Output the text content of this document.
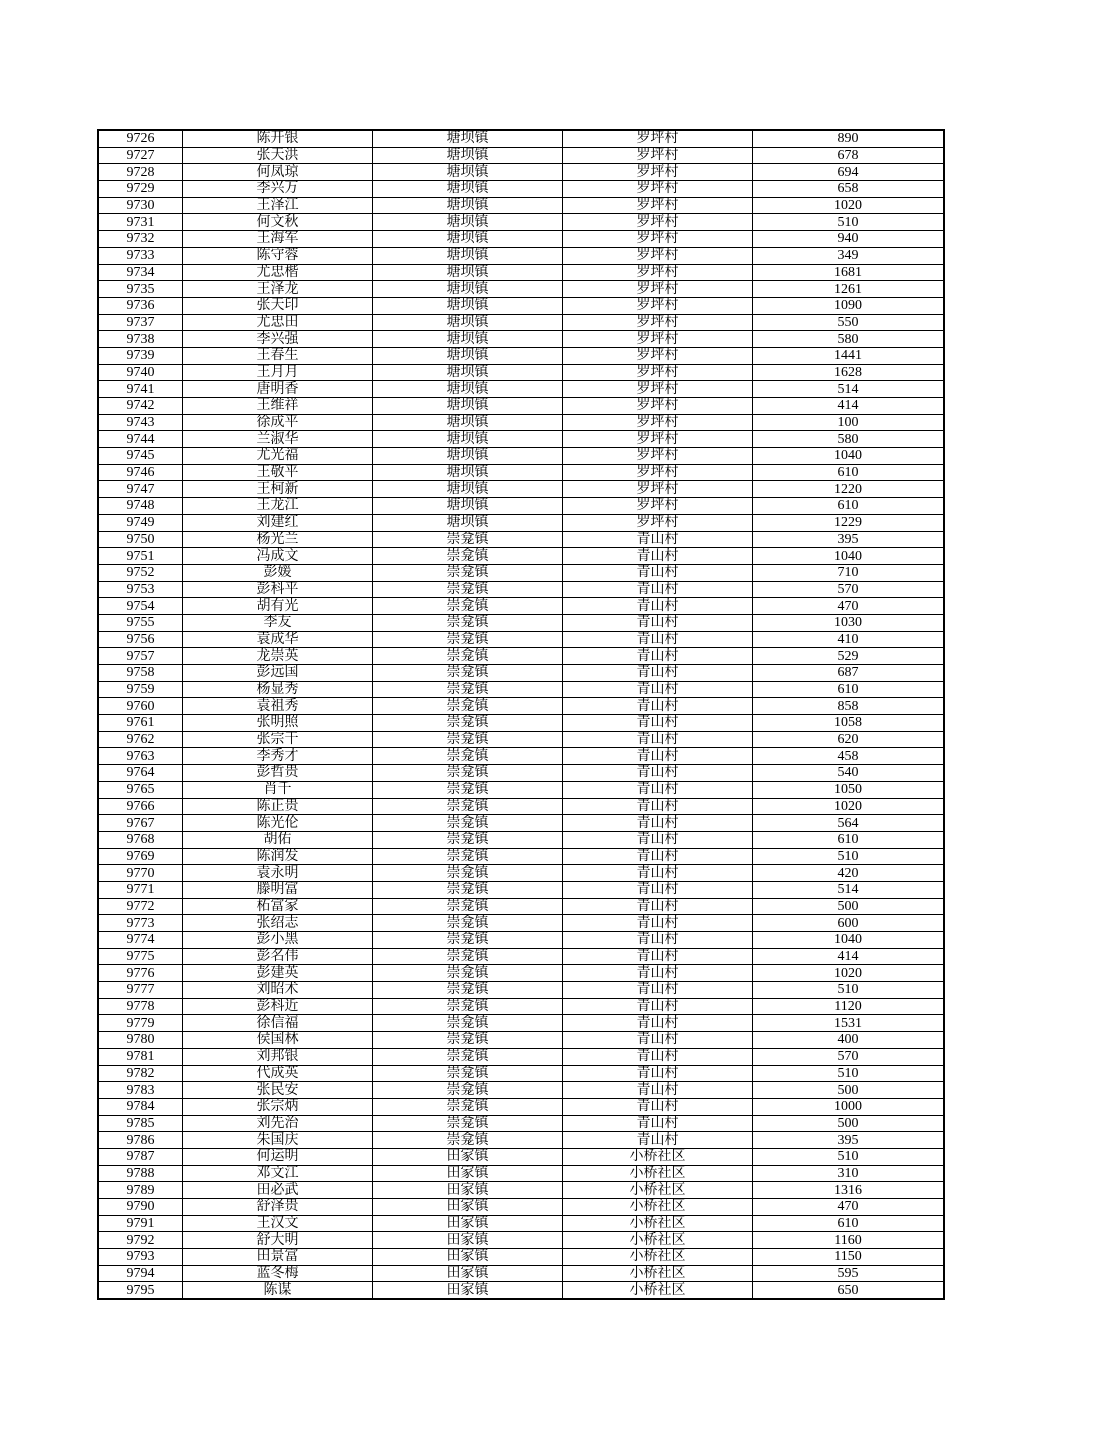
9726	陈开银	塘坝镇	罗坪村	890
9727	张天洪	塘坝镇	罗坪村	678
9728	何凤琼	塘坝镇	罗坪村	694
9729	李兴万	塘坝镇	罗坪村	658
9730	王泽江	塘坝镇	罗坪村	1020
9731	何文秋	塘坝镇	罗坪村	510
9732	王海军	塘坝镇	罗坪村	940
9733	陈守蓉	塘坝镇	罗坪村	349
9734	尤忠楷	塘坝镇	罗坪村	1681
9735	王泽龙	塘坝镇	罗坪村	1261
9736	张天印	塘坝镇	罗坪村	1090
9737	尤忠田	塘坝镇	罗坪村	550
9738	李兴强	塘坝镇	罗坪村	580
9739	王春生	塘坝镇	罗坪村	1441
9740	王月月	塘坝镇	罗坪村	1628
9741	唐明香	塘坝镇	罗坪村	514
9742	王维祥	塘坝镇	罗坪村	414
9743	徐成平	塘坝镇	罗坪村	100
9744	兰淑华	塘坝镇	罗坪村	580
9745	尤光福	塘坝镇	罗坪村	1040
9746	王敬平	塘坝镇	罗坪村	610
9747	王柯新	塘坝镇	罗坪村	1220
9748	王龙江	塘坝镇	罗坪村	610
9749	刘建红	塘坝镇	罗坪村	1229
9750	杨光兰	崇龛镇	青山村	395
9751	冯成文	崇龛镇	青山村	1040
9752	彭媛	崇龛镇	青山村	710
9753	彭科平	崇龛镇	青山村	570
9754	胡有光	崇龛镇	青山村	470
9755	李友	崇龛镇	青山村	1030
9756	袁成华	崇龛镇	青山村	410
9757	龙崇英	崇龛镇	青山村	529
9758	彭远国	崇龛镇	青山村	687
9759	杨显秀	崇龛镇	青山村	610
9760	袁祖秀	崇龛镇	青山村	858
9761	张明照	崇龛镇	青山村	1058
9762	张宗干	崇龛镇	青山村	620
9763	李秀才	崇龛镇	青山村	458
9764	彭哲贵	崇龛镇	青山村	540
9765	肖千	崇龛镇	青山村	1050
9766	陈正贵	崇龛镇	青山村	1020
9767	陈光伦	崇龛镇	青山村	564
9768	胡佑	崇龛镇	青山村	610
9769	陈润发	崇龛镇	青山村	510
9770	袁永明	崇龛镇	青山村	420
9771	滕明富	崇龛镇	青山村	514
9772	柘富家	崇龛镇	青山村	500
9773	张绍志	崇龛镇	青山村	600
9774	彭小黑	崇龛镇	青山村	1040
9775	彭名伟	崇龛镇	青山村	414
9776	彭建英	崇龛镇	青山村	1020
9777	刘昭术	崇龛镇	青山村	510
9778	彭科近	崇龛镇	青山村	1120
9779	徐信福	崇龛镇	青山村	1531
9780	侯国林	崇龛镇	青山村	400
9781	刘邦银	崇龛镇	青山村	570
9782	代成英	崇龛镇	青山村	510
9783	张民安	崇龛镇	青山村	500
9784	张宗炳	崇龛镇	青山村	1000
9785	刘先治	崇龛镇	青山村	500
9786	朱国庆	崇龛镇	青山村	395
9787	何运明	田家镇	小桥社区	510
9788	邓文江	田家镇	小桥社区	310
9789	田必武	田家镇	小桥社区	1316
9790	舒泽贵	田家镇	小桥社区	470
9791	王汉文	田家镇	小桥社区	610
9792	舒大明	田家镇	小桥社区	1160
9793	田景富	田家镇	小桥社区	1150
9794	蓝冬梅	田家镇	小桥社区	595
9795	陈谋	田家镇	小桥社区	650
